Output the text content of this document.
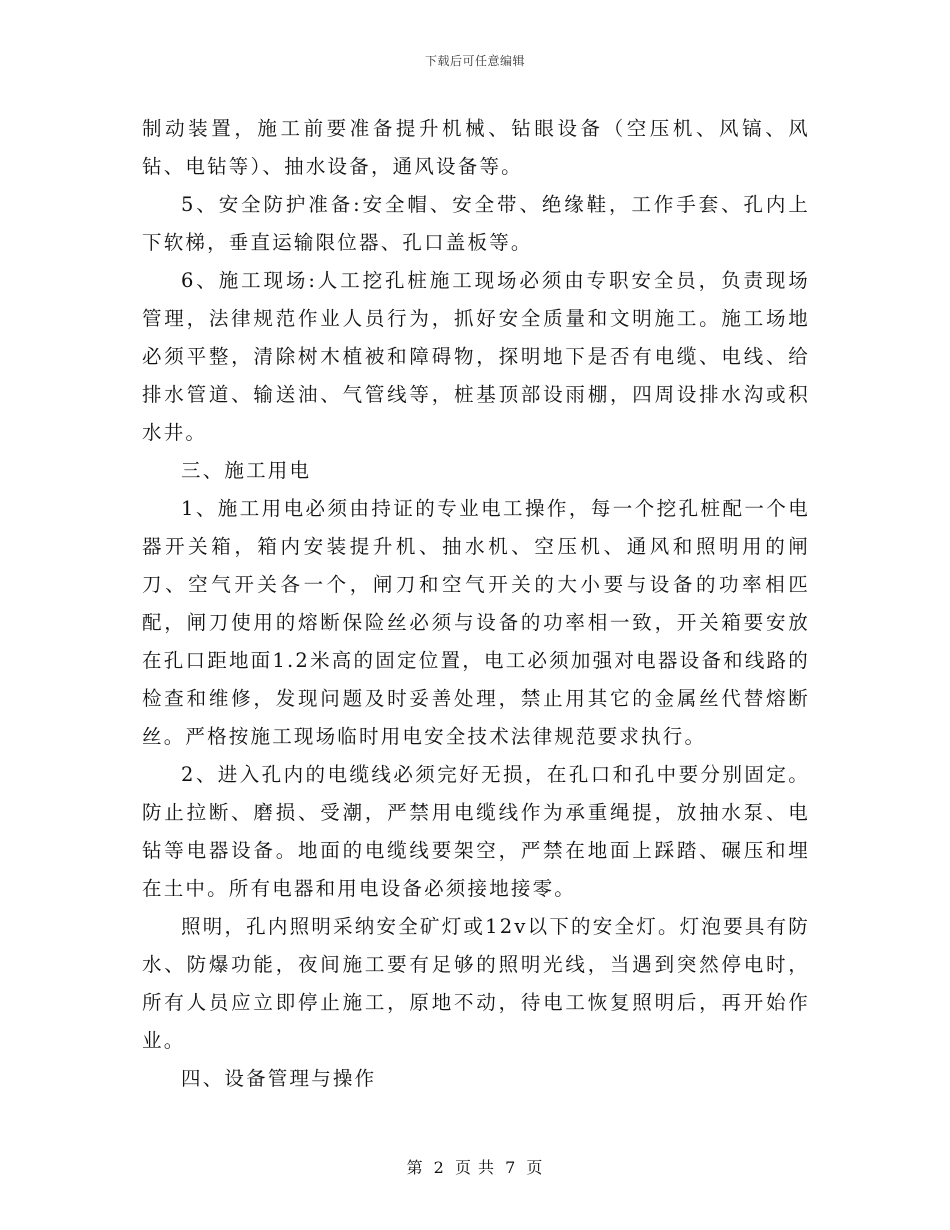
下载后可任意编辑

制动装置，施工前要准备提升机械、钻眼设备（空压机、风镐、风钻、电钻等）、抽水设备，通风设备等。

5、安全防护准备:安全帽、安全带、绝缘鞋，工作手套、孔内上下软梯，垂直运输限位器、孔口盖板等。

6、施工现场:人工挖孔桩施工现场必须由专职安全员，负责现场管理，法律规范作业人员行为，抓好安全质量和文明施工。施工场地必须平整，清除树木植被和障碍物，探明地下是否有电缆、电线、给排水管道、输送油、气管线等，桩基顶部设雨棚，四周设排水沟或积水井。

三、施工用电

1、施工用电必须由持证的专业电工操作，每一个挖孔桩配一个电器开关箱，箱内安装提升机、抽水机、空压机、通风和照明用的闸刀、空气开关各一个，闸刀和空气开关的大小要与设备的功率相匹配，闸刀使用的熔断保险丝必须与设备的功率相一致，开关箱要安放在孔口距地面1.2米高的固定位置，电工必须加强对电器设备和线路的检查和维修，发现问题及时妥善处理，禁止用其它的金属丝代替熔断丝。严格按施工现场临时用电安全技术法律规范要求执行。

2、进入孔内的电缆线必须完好无损，在孔口和孔中要分别固定。防止拉断、磨损、受潮，严禁用电缆线作为承重绳提，放抽水泵、电钻等电器设备。地面的电缆线要架空，严禁在地面上踩踏、碾压和埋在土中。所有电器和用电设备必须接地接零。

照明，孔内照明采纳安全矿灯或12v以下的安全灯。灯泡要具有防水、防爆功能，夜间施工要有足够的照明光线，当遇到突然停电时，所有人员应立即停止施工，原地不动，待电工恢复照明后，再开始作业。

四、设备管理与操作

第 2 页 共 7 页
